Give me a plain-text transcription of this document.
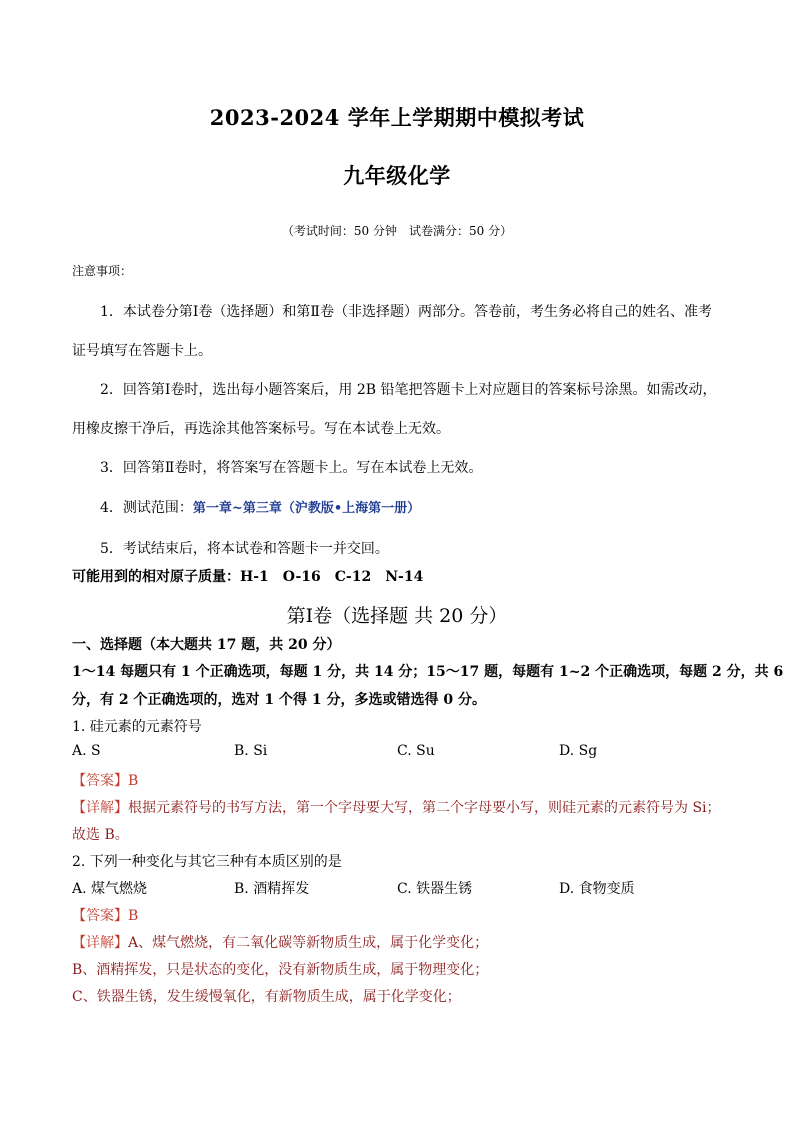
2023-2024 学年上学期期中模拟考试
九年级化学
（考试时间：50 分钟　试卷满分：50 分）
注意事项：
1．本试卷分第Ⅰ卷（选择题）和第Ⅱ卷（非选择题）两部分。答卷前，考生务必将自己的姓名、准考
证号填写在答题卡上。
2．回答第Ⅰ卷时，选出每小题答案后，用 2B 铅笔把答题卡上对应题目的答案标号涂黑。如需改动，
用橡皮擦干净后，再选涂其他答案标号。写在本试卷上无效。
3．回答第Ⅱ卷时，将答案写在答题卡上。写在本试卷上无效。
4．测试范围：第一章~第三章（沪教版•上海第一册）
5．考试结束后，将本试卷和答题卡一并交回。
可能用到的相对原子质量：H-1　O-16　C-12　N-14
第Ⅰ卷（选择题 共 20 分）
一、选择题（本大题共 17 题，共 20 分）
1～14 每题只有 1 个正确选项，每题 1 分，共 14 分；15～17 题，每题有 1~2 个正确选项，每题 2 分，共 6
分，有 2 个正确选项的，选对 1 个得 1 分，多选或错选得 0 分。
1. 硅元素的元素符号
A. S	B. Si	C. Su	D. Sg
【答案】B
【详解】根据元素符号的书写方法，第一个字母要大写，第二个字母要小写，则硅元素的元素符号为 Si；
故选 B。
2. 下列一种变化与其它三种有本质区别的是
A. 煤气燃烧	B. 酒精挥发	C. 铁器生锈	D. 食物变质
【答案】B
【详解】A、煤气燃烧，有二氧化碳等新物质生成，属于化学变化；
B、酒精挥发，只是状态的变化，没有新物质生成，属于物理变化；
C、铁器生锈，发生缓慢氧化，有新物质生成，属于化学变化；
